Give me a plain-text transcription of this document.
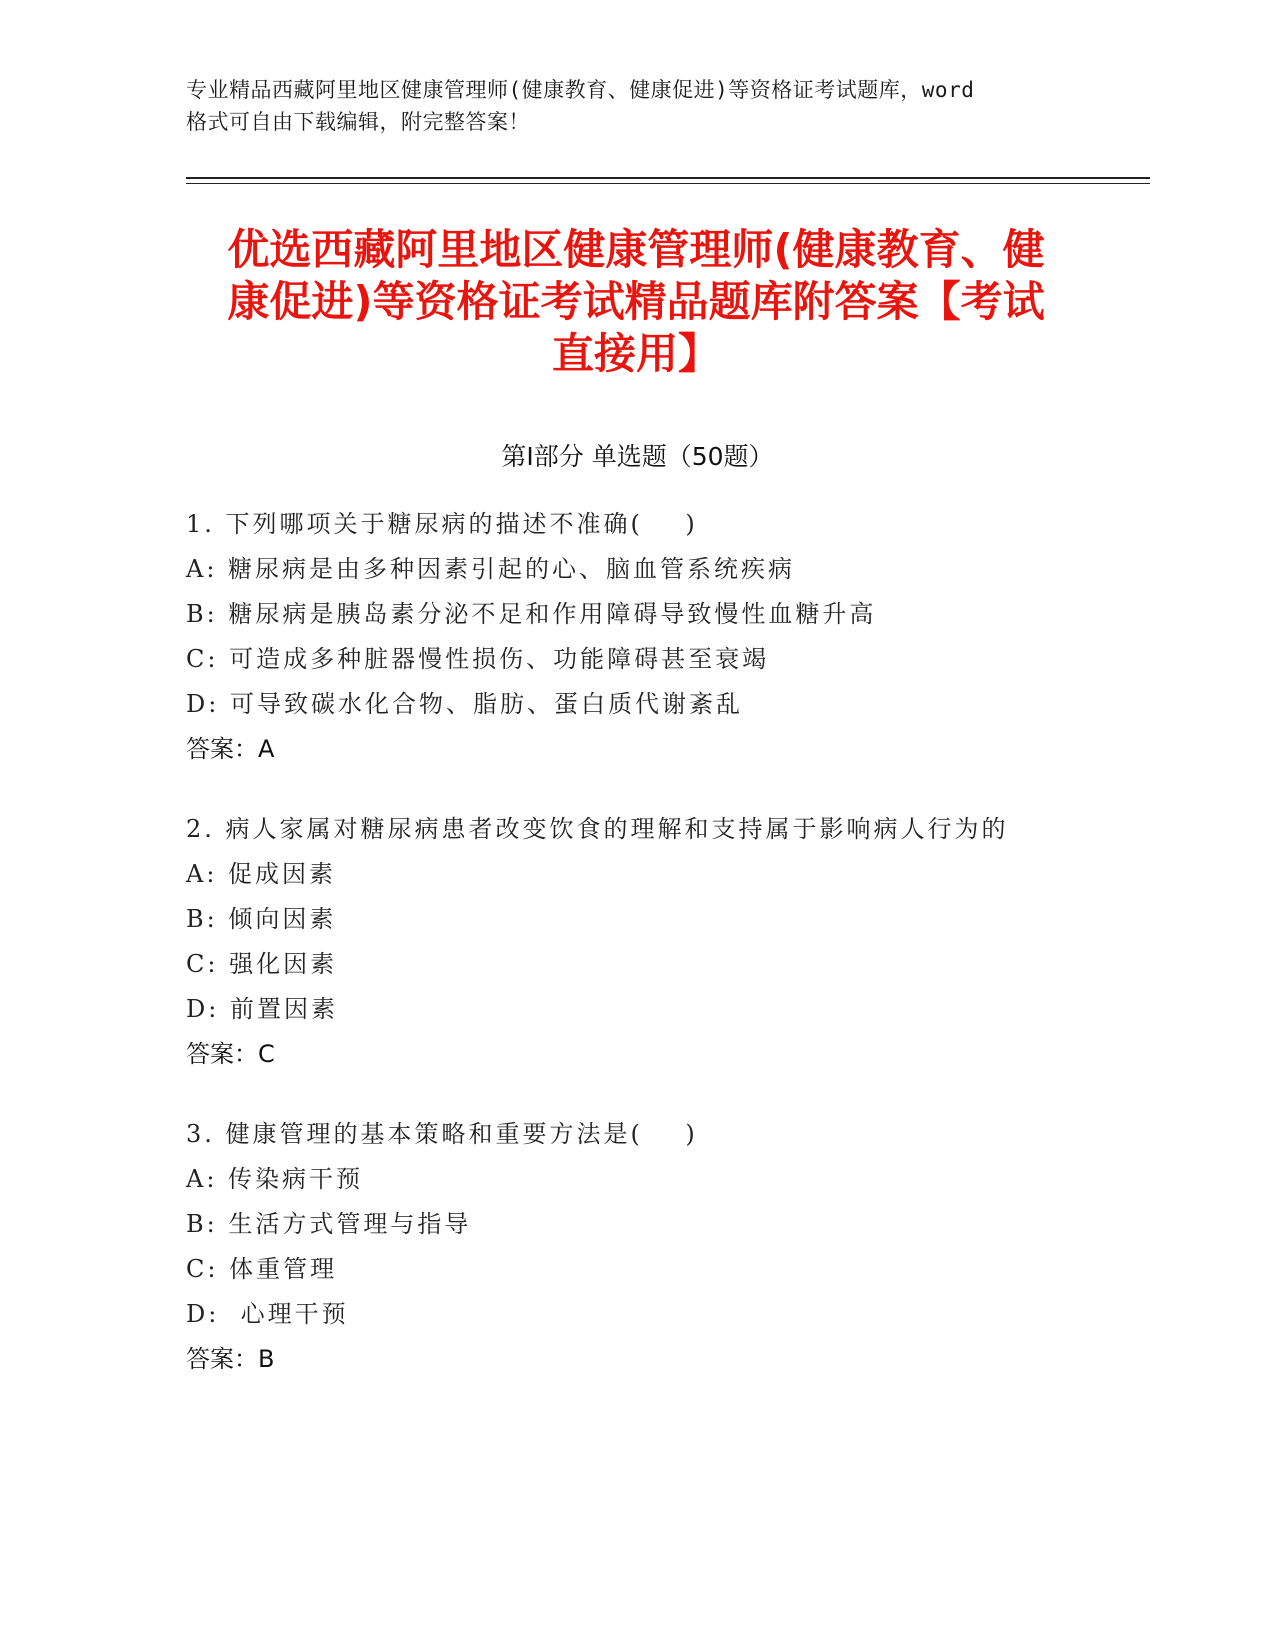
专业精品西藏阿里地区健康管理师(健康教育、健康促进)等资格证考试题库，word
格式可自由下载编辑，附完整答案！
优选西藏阿里地区健康管理师(健康教育、健
康促进)等资格证考试精品题库附答案【考试
直接用】
第Ⅰ部分 单选题（50题）
1. 下列哪项关于糖尿病的描述不准确(    )
A: 糖尿病是由多种因素引起的心、脑血管系统疾病
B: 糖尿病是胰岛素分泌不足和作用障碍导致慢性血糖升高
C: 可造成多种脏器慢性损伤、功能障碍甚至衰竭
D: 可导致碳水化合物、脂肪、蛋白质代谢紊乱
答案：A
2. 病人家属对糖尿病患者改变饮食的理解和支持属于影响病人行为的
A: 促成因素
B: 倾向因素
C: 强化因素
D: 前置因素
答案：C
3. 健康管理的基本策略和重要方法是(    )
A: 传染病干预
B: 生活方式管理与指导
C: 体重管理
D:  心理干预
答案：B
